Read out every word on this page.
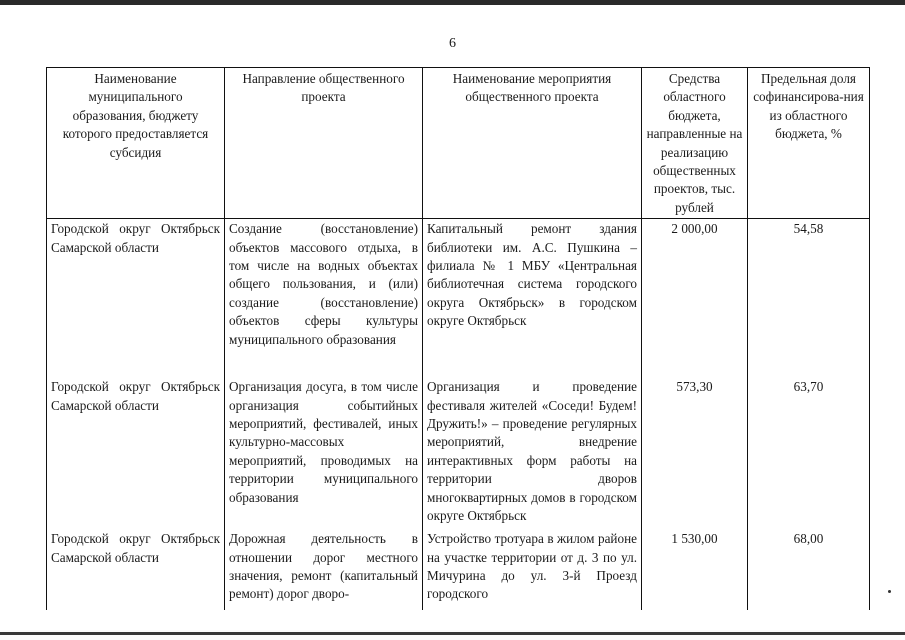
6
Наименование муниципального образования, бюджету которого предоставляется субсидия	Направление общественного проекта	Наименование мероприятия общественного проекта	Средства областного бюджета, направленные на реализацию общественных проектов, тыс. рублей	Предельная доля софинансирова-ния из областного бюджета, %
Городской округ Октябрьск Самарской области	Создание (восстановление) объектов массового отдыха, в том числе на водных объектах общего пользования, и (или) создание (восстановление) объектов сферы культуры муниципального образования	Капитальный ремонт здания библиотеки им. А.С. Пушкина – филиала № 1 МБУ «Центральная библиотечная система городского округа Октябрьск» в городском округе Октябрьск	2 000,00	54,58
Городской округ Октябрьск Самарской области	Организация досуга, в том числе организация событийных мероприятий, фестивалей, иных культурно-массовых мероприятий, проводимых на территории муниципального образования	Организация и проведение фестиваля жителей «Соседи! Будем! Дружить!» – проведение регулярных мероприятий, внедрение интерактивных форм работы на территории дворов многоквартирных домов в городском округе Октябрьск	573,30	63,70
Городской округ Октябрьск Самарской области	Дорожная деятельность в отношении дорог местного значения, ремонт (капитальный ремонт) дорог дворо-	Устройство тротуара в жилом районе на участке территории от д. 3 по ул. Мичурина до ул. 3-й Проезд городского	1 530,00	68,00
